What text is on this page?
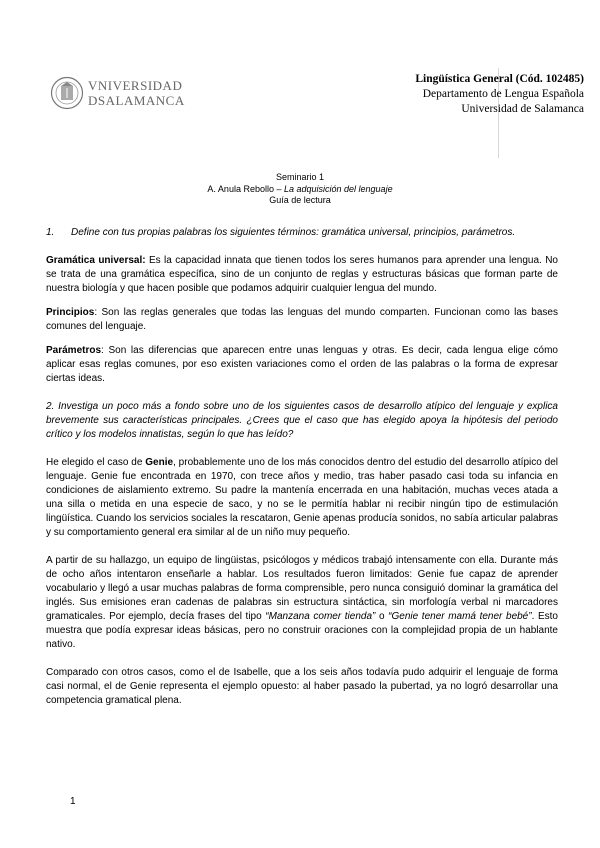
VNIVERSIDAD
DSALAMANCA
Lingüística General (Cód. 102485)
Departamento de Lengua Española
Universidad de Salamanca
Seminario 1
A. Anula Rebollo – La adquisición del lenguaje
Guía de lectura

1.      Define con tus propias palabras los siguientes términos: gramática universal, principios, parámetros.

Gramática universal: Es la capacidad innata que tienen todos los seres humanos para aprender una lengua. No se trata de una gramática específica, sino de un conjunto de reglas y estructuras básicas que forman parte de nuestra biología y que hacen posible que podamos adquirir cualquier lengua del mundo.

Principios: Son las reglas generales que todas las lenguas del mundo comparten. Funcionan como las bases comunes del lenguaje.

Parámetros: Son las diferencias que aparecen entre unas lenguas y otras. Es decir, cada lengua elige cómo aplicar esas reglas comunes, por eso existen variaciones como el orden de las palabras o la forma de expresar ciertas ideas.

2. Investiga un poco más a fondo sobre uno de los siguientes casos de desarrollo atípico del lenguaje y explica brevemente sus características principales. ¿Crees que el caso que has elegido apoya la hipótesis del periodo crítico y los modelos innatistas, según lo que has leído?

He elegido el caso de Genie, probablemente uno de los más conocidos dentro del estudio del desarrollo atípico del lenguaje. Genie fue encontrada en 1970, con trece años y medio, tras haber pasado casi toda su infancia en condiciones de aislamiento extremo. Su padre la mantenía encerrada en una habitación, muchas veces atada a una silla o metida en una especie de saco, y no se le permitía hablar ni recibir ningún tipo de estimulación lingüística. Cuando los servicios sociales la rescataron, Genie apenas producía sonidos, no sabía articular palabras y su comportamiento general era similar al de un niño muy pequeño.

A partir de su hallazgo, un equipo de lingüistas, psicólogos y médicos trabajó intensamente con ella. Durante más de ocho años intentaron enseñarle a hablar. Los resultados fueron limitados: Genie fue capaz de aprender vocabulario y llegó a usar muchas palabras de forma comprensible, pero nunca consiguió dominar la gramática del inglés. Sus emisiones eran cadenas de palabras sin estructura sintáctica, sin morfología verbal ni marcadores gramaticales. Por ejemplo, decía frases del tipo “Manzana comer tienda” o “Genie tener mamá tener bebé”. Esto muestra que podía expresar ideas básicas, pero no construir oraciones con la complejidad propia de un hablante nativo.

Comparado con otros casos, como el de Isabelle, que a los seis años todavía pudo adquirir el lenguaje de forma casi normal, el de Genie representa el ejemplo opuesto: al haber pasado la pubertad, ya no logró desarrollar una competencia gramatical plena.

1
